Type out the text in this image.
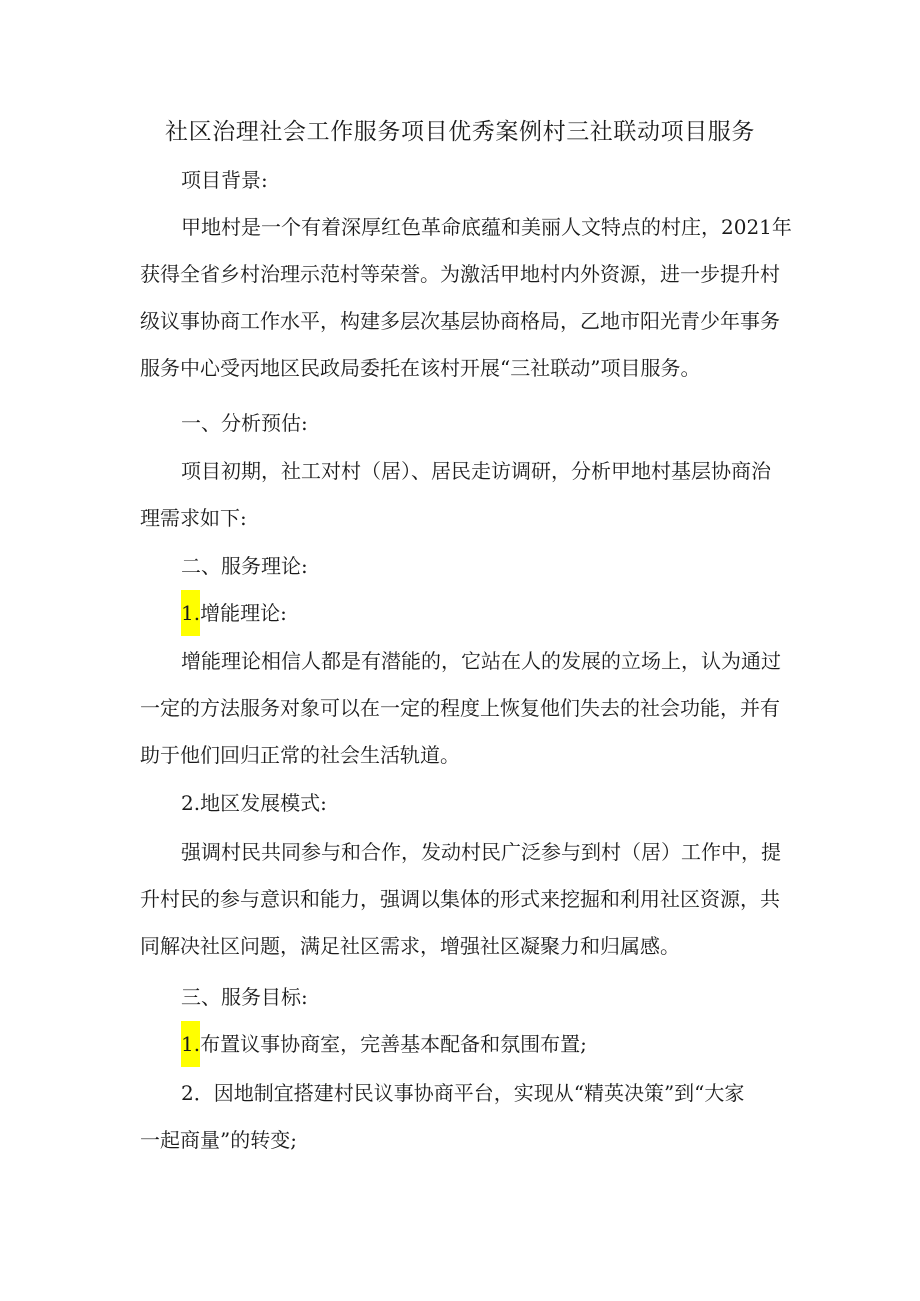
社区治理社会工作服务项目优秀案例村三社联动项目服务
项目背景:
甲地村是一个有着深厚红色革命底蕴和美丽人文特点的村庄，2021年
获得全省乡村治理示范村等荣誉。为激活甲地村内外资源，进一步提升村
级议事协商工作水平，构建多层次基层协商格局，乙地市阳光青少年事务
服务中心受丙地区民政局委托在该村开展“三社联动”项目服务。
一、分析预估:
项目初期，社工对村（居）、居民走访调研，分析甲地村基层协商治
理需求如下:
二、服务理论:
1.增能理论:
增能理论相信人都是有潜能的，它站在人的发展的立场上，认为通过
一定的方法服务对象可以在一定的程度上恢复他们失去的社会功能，并有
助于他们回归正常的社会生活轨道。
2.地区发展模式:
强调村民共同参与和合作，发动村民广泛参与到村（居）工作中，提
升村民的参与意识和能力，强调以集体的形式来挖掘和利用社区资源，共
同解决社区问题，满足社区需求，增强社区凝聚力和归属感。
三、服务目标:
1.布置议事协商室，完善基本配备和氛围布置;
2．因地制宜搭建村民议事协商平台，实现从“精英决策”到“大家
一起商量”的转变;
